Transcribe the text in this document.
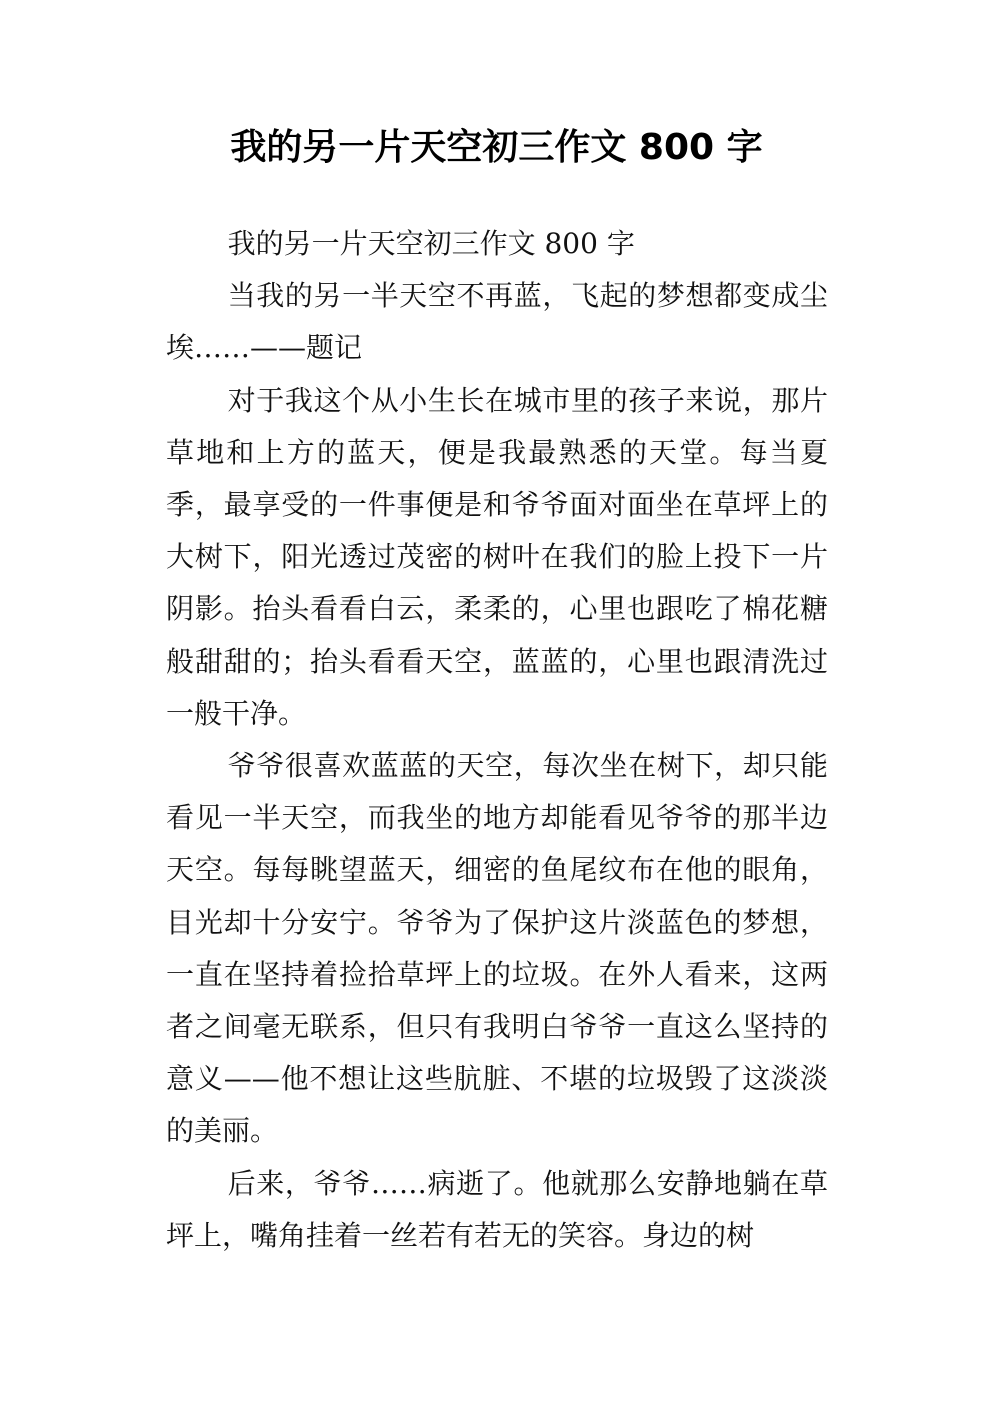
我的另一片天空初三作文 800 字

我的另一片天空初三作文 800 字

当我的另一半天空不再蓝，飞起的梦想都变成尘埃……——题记

对于我这个从小生长在城市里的孩子来说，那片草地和上方的蓝天，便是我最熟悉的天堂。每当夏季，最享受的一件事便是和爷爷面对面坐在草坪上的大树下，阳光透过茂密的树叶在我们的脸上投下一片阴影。抬头看看白云，柔柔的，心里也跟吃了棉花糖般甜甜的；抬头看看天空，蓝蓝的，心里也跟清洗过一般干净。

爷爷很喜欢蓝蓝的天空，每次坐在树下，却只能看见一半天空，而我坐的地方却能看见爷爷的那半边天空。每每眺望蓝天，细密的鱼尾纹布在他的眼角，目光却十分安宁。爷爷为了保护这片淡蓝色的梦想，一直在坚持着捡拾草坪上的垃圾。在外人看来，这两者之间毫无联系，但只有我明白爷爷一直这么坚持的意义——他不想让这些肮脏、不堪的垃圾毁了这淡淡的美丽。

后来，爷爷……病逝了。他就那么安静地躺在草坪上，嘴角挂着一丝若有若无的笑容。身边的树
